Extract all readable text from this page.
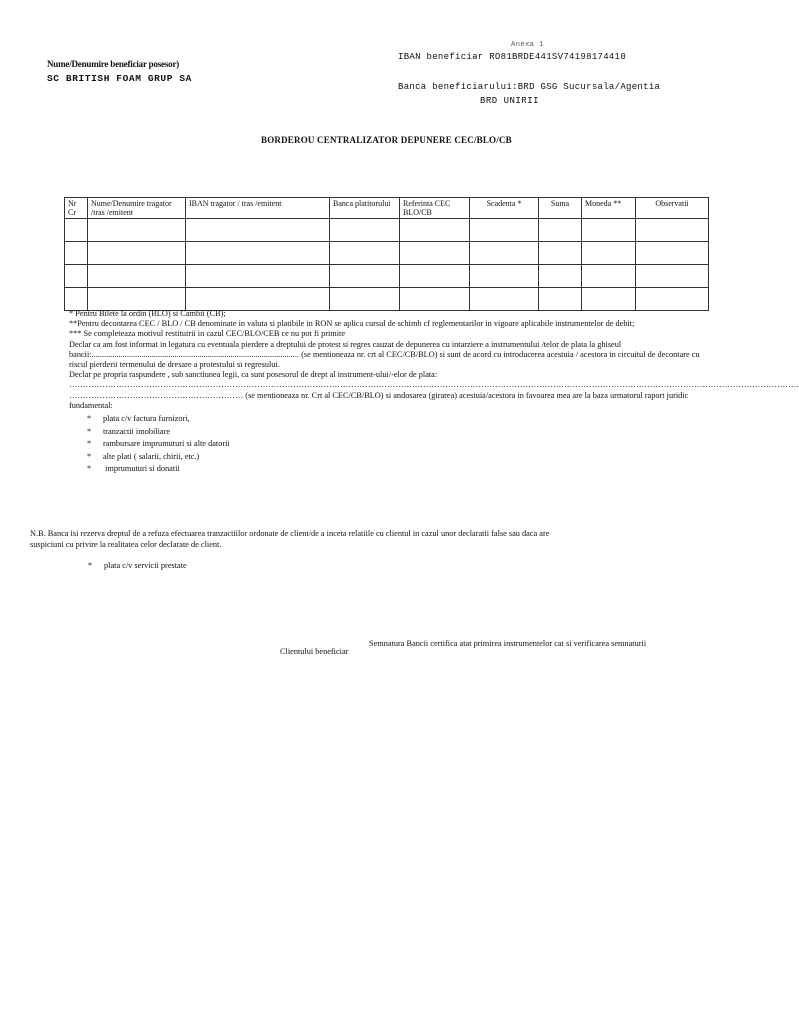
Anexa 1
IBAN beneficiar RO81BRDE441SV74198174410
Nume/Denumire beneficiar posesor)
SC BRITISH FOAM GRUP SA
Banca beneficiarului:BRD GSG Sucursala/Agentia
BRD UNIRII
BORDEROU CENTRALIZATOR DEPUNERE CEC/BLO/CB
Nr Cr	Nume/Denumire tragator /tras /emitent	IBAN tragator / tras /emitent	Banca platitorului	Referinta CEC BLO/CB	Scadenta *	Suma	Moneda **	Observatii

* Pentru Bilete la ordin (BLO) si Cambii (CB);

**Pentru decontarea CEC / BLO / CB denominate in valuta si platibile in RON se aplica cursul de schimb cf reglementarilor in vigoare aplicabile instrumentelor de debit;

*** Se completeaza motivul restituirii in cazul CEC/BLO/CEB ce nu pot fi primite

Declar ca am fost informat in legatura cu eventuala pierdere a dreptului de protest si regres cauzat de depunerea cu intarziere a instrumentului /telor de plata la ghiseul bancii:.................................................................................................... (se mentioneaza nr. crt al CEC/CB/BLO) si sunt de acord cu introducerea acestuia / acestora in circuitul de decontare cu riscul pierderii termenului de dresare a protestului si regresului.

Declar pe propria raspundere , sub sanctiunea legii, ca sunt posesorul de drept al instrument-ului/-elor de plata:

…………………………………………………………………………………………………………………………………………………………………………………………………………………………………………

……………………………………………………… (se mentioneaza nr. Crt al CEC/CB/BLO) si andosarea (girarea) acestuia/acestora in favoarea mea are la baza urmatorul raport juridic fundamental:

* plata c/v factura furnizori,
* tranzactii imobiliare
* rambursare imprumuturi si alte datorii
* alte plati ( salarii, chirii, etc.)
* imprumuturi si donatii
N.B. Banca isi rezerva dreptul de a refuza efectuarea tranzactiilor ordonate de client/de a inceta relatiile cu clientul in cazul unor declaratii false sau daca are suspiciuni cu privire la realitatea celor declarate de client.
* plata c/v servicii prestate
Clientului beneficiar
Semnatura Bancii certifica atat primirea instrumentelor cat si verificarea semnaturii
